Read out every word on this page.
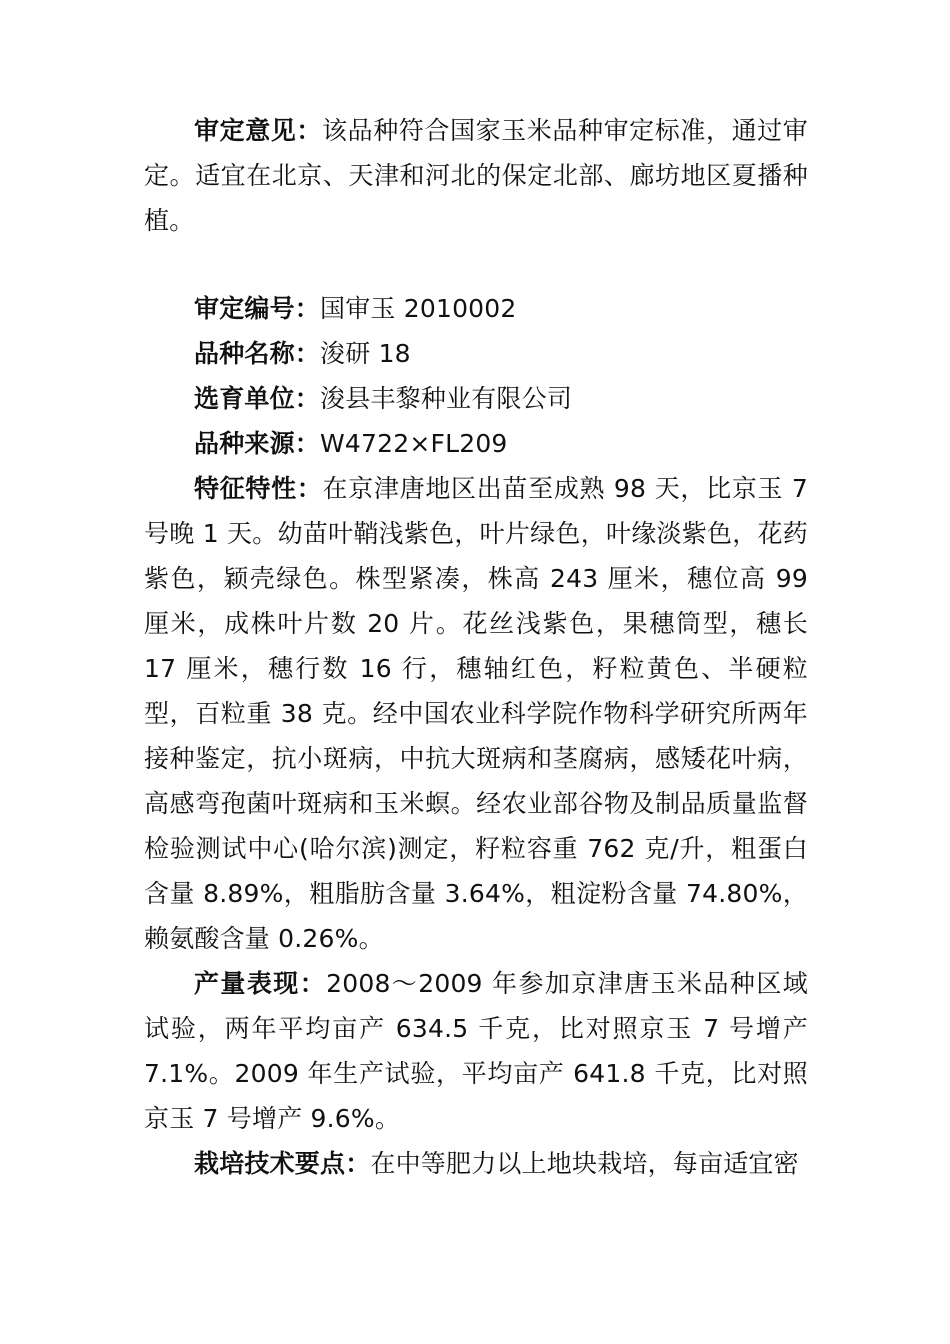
审定意见：该品种符合国家玉米品种审定标准，通过审定。适宜在北京、天津和河北的保定北部、廊坊地区夏播种植。

审定编号：国审玉 2010002

品种名称：浚研 18

选育单位：浚县丰黎种业有限公司

品种来源：W4722×FL209

特征特性：在京津唐地区出苗至成熟 98 天，比京玉 7 号晚 1 天。幼苗叶鞘浅紫色，叶片绿色，叶缘淡紫色，花药紫色，颖壳绿色。株型紧凑，株高 243 厘米，穗位高 99 厘米，成株叶片数 20 片。花丝浅紫色，果穗筒型，穗长 17 厘米，穗行数 16 行，穗轴红色，籽粒黄色、半硬粒型，百粒重 38 克。经中国农业科学院作物科学研究所两年接种鉴定，抗小斑病，中抗大斑病和茎腐病，感矮花叶病，高感弯孢菌叶斑病和玉米螟。经农业部谷物及制品质量监督检验测试中心(哈尔滨)测定，籽粒容重 762 克/升，粗蛋白含量 8.89%，粗脂肪含量 3.64%，粗淀粉含量 74.80%，赖氨酸含量 0.26%。

产量表现：2008～2009 年参加京津唐玉米品种区域试验，两年平均亩产 634.5 千克，比对照京玉 7 号增产 7.1%。2009 年生产试验，平均亩产 641.8 千克，比对照京玉 7 号增产 9.6%。

栽培技术要点：在中等肥力以上地块栽培，每亩适宜密
